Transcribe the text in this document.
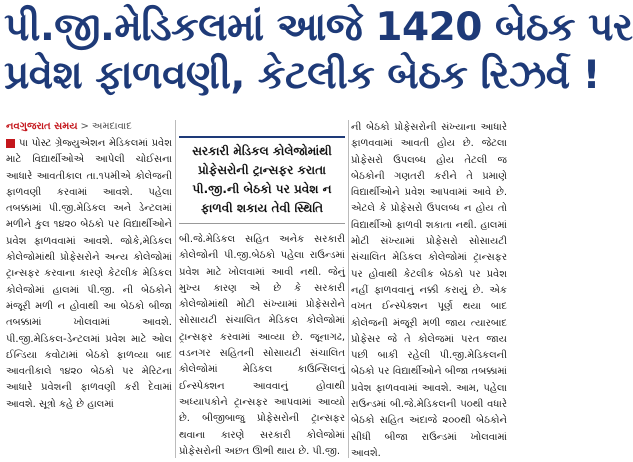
પી.જી.મેડિકલમાં આજે 1420 બેઠક પર
પ્રવેશ ફાળવણી, કેટલીક બેઠક રિઝર્વ !
નવગુજરાત સમય > અમદાવાદ

પા પોસ્ટ ગ્રેજ્યુએશન મેડિકલમાં પ્રવેશ માટે વિદ્યાર્થીઓએ આપેલી ચોઈસના આધારે આવતીકાલ તા.૧૫મીએ કોલેજની ફાળવણી કરવામાં આવશે. પહેલા તબક્કામાં પી.જી.મેડિકલ અને ડેન્ટલમાં મળીને કુલ ૧૪૨૦ બેઠકો પર વિદ્યાર્થીઓને પ્રવેશ ફાળવવામાં આવશે. જોકે,મેડિકલ કોલેજોમાંથી પ્રોફેસરોને અન્ય કોલેજોમાં ટ્રાન્સફર કરવાના કારણે કેટલીક મેડિકલ કોલેજોમાં હાલમાં પી.જી. ની બેઠકોને મંજૂરી મળી ન હોવાથી આ બેઠકો બીજા તબક્કામાં ખોલવામાં આવશે. પી.જી.મેડિકલ-ડેન્ટલમાં પ્રવેશ માટે ઓલ ઈન્ડિયા કવોટામાં બેઠકો ફાળવ્યા બાદ આવતીકાલે ૧૪૨૦ બેઠકો પર મેરિટના આધારે પ્રવેશની ફાળવણી કરી દેવામાં આવશે. સૂત્રો કહે છે હાલમાં

સરકારી મેડિકલ કોલેજોમાંથી પ્રોફેસરોની ટ્રાન્સફર કરાતા પી.જી.ની બેઠકો પર પ્રવેશ ન ફાળવી શકાય તેવી સ્થિતિ

બી.જે.મેડિકલ સહિત અનેક સરકારી કોલેજોની પી.જી.બેઠકો પહેલા રાઉન્ડમાં પ્રવેશ માટે ખોલવામાં આવી નથી. જેનું મુખ્ય કારણ એ છે કે સરકારી કોલેજોમાંથી મોટી સંખ્યામાં પ્રોફેસરોને સોસાયટી સંચાલિત મેડિકલ કોલેજોમાં ટ્રાન્સફર કરવામાં આવ્યા છે. જૂનાગઢ, વડનગર સહિતની સોસાયટી સંચાલિત કોલેજોમાં મેડિકલ કાઉન્સિલનું ઈન્સ્પેક્શન આવવાનું હોવાથી અધ્યાપકોને ટ્રાન્સફર આપવામાં આવ્યો છે. બીજીબાજુ પ્રોફેસરોની ટ્રાન્સફર થવાના કારણે સરકારી કોલેજોમાં પ્રોફેસરોની અછત ઊભી થાય છે. પી.જી.

ની બેઠકો પ્રોફેસરોની સંખ્યાના આધારે ફાળવવામાં આવતી હોય છે. જેટલા પ્રોફેસરો ઉપલબ્ધ હોય તેટલી જ બેઠકોની ગણતરી કરીને તે પ્રમાણે વિદ્યાર્થીઓને પ્રવેશ આપવામાં આવે છે. એટલે કે પ્રોફેસરો ઉપલબ્ધ ન હોય તો વિદ્યાર્થીઓ ફાળવી શકાતા નથી. હાલમાં મોટી સંખ્યામાં પ્રોફેસરો સોસાયટી સંચાલિત મેડિકલ કોલેજોમાં ટ્રાન્સફર પર હોવાથી કેટલીક બેઠકો પર પ્રવેશ નહીં ફાળવવાનું નક્કી કરાયું છે. એક વખત ઈન્સ્પેક્શન પૂર્ણ થયા બાદ કોલેજની મંજૂરી મળી જાય ત્યારબાદ પ્રોફેસર જે તે કોલેજમાં પરત જાય પછી બાકી રહેલી પી.જી.મેડિકલની બેઠકો પર વિદ્યાર્થીઓને બીજા તબક્કામાં પ્રવેશ ફાળવવામાં આવશે. આમ, પહેલા રાઉન્ડમાં બી.જે.મેડિકલની ૫૦થી વધારે બેઠકો સહિત અંદાજે ૨૦૦થી બેઠકોને સીધી બીજા રાઉન્ડમાં ખોલવામાં આવશે.
